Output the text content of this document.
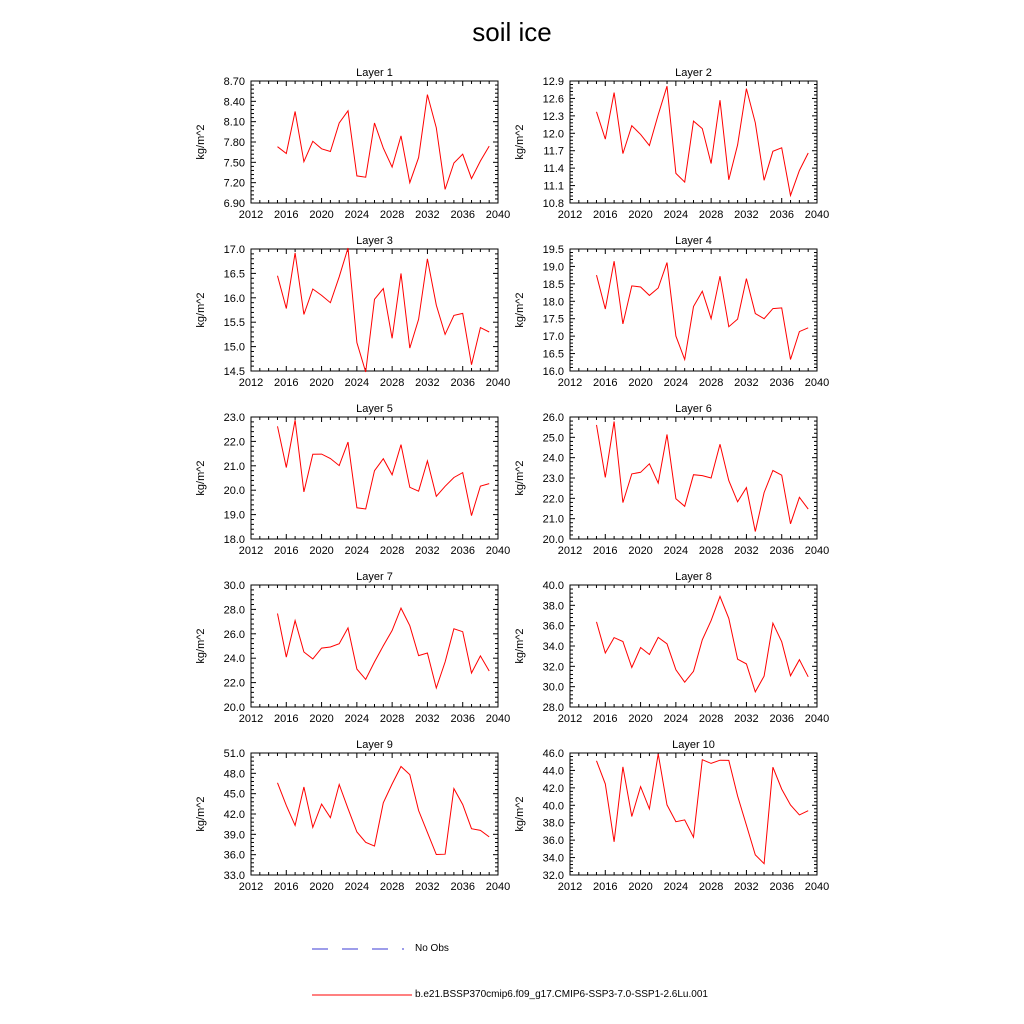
soil ice
Layer 1
kg/m^2
2012 2016 2020 2024 2028 2032 2036 2040
6.90
7.20
7.50
7.80
8.10
8.40
8.70
Layer 2
kg/m^2
2012 2016 2020 2024 2028 2032 2036 2040
10.8
11.1
11.4
11.7
12.0
12.3
12.6
12.9
Layer 3
kg/m^2
2012 2016 2020 2024 2028 2032 2036 2040
14.5
15.0
15.5
16.0
16.5
17.0
Layer 4
kg/m^2
2012 2016 2020 2024 2028 2032 2036 2040
16.0
16.5
17.0
17.5
18.0
18.5
19.0
19.5
Layer 5
kg/m^2
2012 2016 2020 2024 2028 2032 2036 2040
18.0
19.0
20.0
21.0
22.0
23.0
Layer 6
kg/m^2
2012 2016 2020 2024 2028 2032 2036 2040
20.0
21.0
22.0
23.0
24.0
25.0
26.0
Layer 7
kg/m^2
2012 2016 2020 2024 2028 2032 2036 2040
20.0
22.0
24.0
26.0
28.0
30.0
Layer 8
kg/m^2
2012 2016 2020 2024 2028 2032 2036 2040
28.0
30.0
32.0
34.0
36.0
38.0
40.0
Layer 9
kg/m^2
2012 2016 2020 2024 2028 2032 2036 2040
33.0
36.0
39.0
42.0
45.0
48.0
51.0
Layer 10
kg/m^2
2012 2016 2020 2024 2028 2032 2036 2040
32.0
34.0
36.0
38.0
40.0
42.0
44.0
46.0
No Obs
b.e21.BSSP370cmip6.f09_g17.CMIP6-SSP3-7.0-SSP1-2.6Lu.001
